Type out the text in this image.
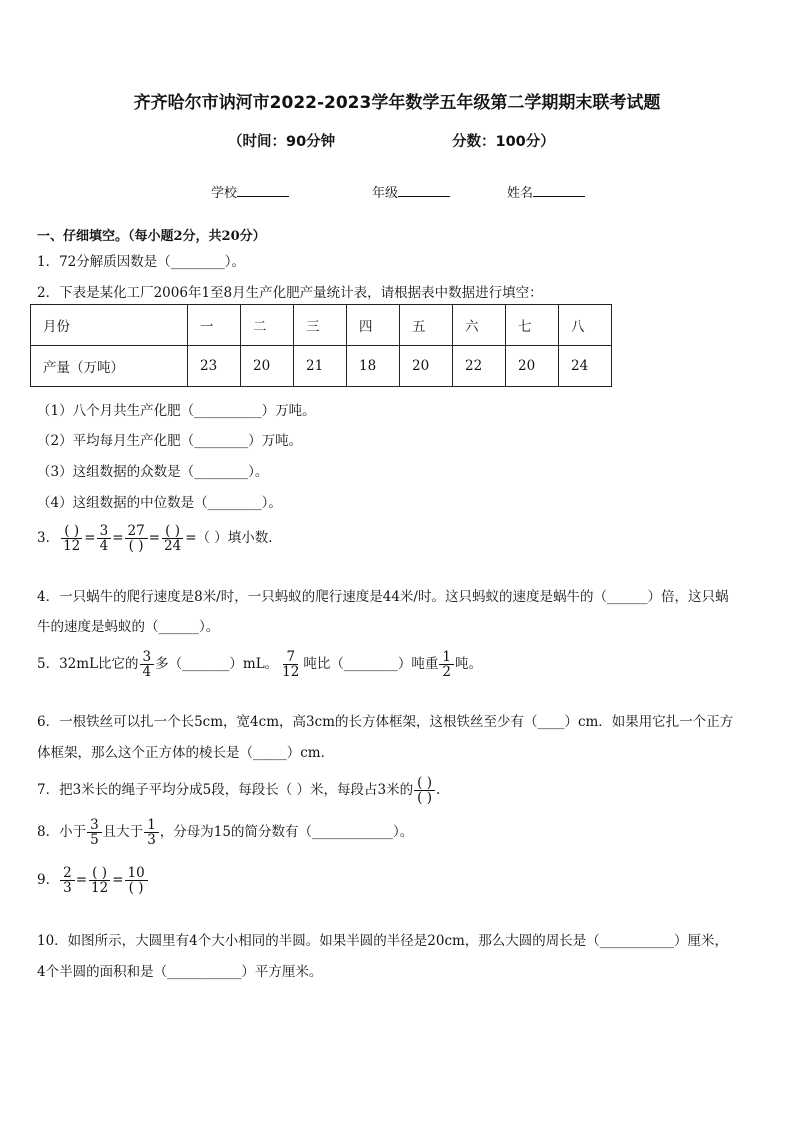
齐齐哈尔市讷河市2022-2023学年数学五年级第二学期期末联考试题
（时间：90分钟	分数：100分）
学校	年级	姓名
一、仔细填空。（每小题2分，共20分）
1．72分解质因数是（________）。
2．下表是某化工厂2006年1至8月生产化肥产量统计表，请根据表中数据进行填空：
月份	一	二	三	四	五	六	七	八
产量（万吨）	23	20	21	18	20	22	20	24
（1）八个月共生产化肥（__________）万吨。
（2）平均每月生产化肥（________）万吨。
（3）这组数据的众数是（________）。
（4）这组数据的中位数是（________）。
3． $\frac{( )}{12} = \frac{3}{4} = \frac{27}{( )} = \frac{( )}{24}$ =（ ）填小数．
4．一只蜗牛的爬行速度是8米/时，一只蚂蚁的爬行速度是44米/时。这只蚂蚁的速度是蜗牛的（______）倍，这只蜗
牛的速度是蚂蚁的（______）。
5．32mL比它的 $\frac{3}{4}$ 多（_______）mL。 $\frac{7}{12}$ 吨比（________）吨重 $\frac{1}{2}$ 吨。
6．一根铁丝可以扎一个长5cm，宽4cm，高3cm的长方体框架，这根铁丝至少有（____）cm．如果用它扎一个正方
体框架，那么这个正方体的棱长是（_____）cm．
7．把3米长的绳子平均分成5段，每段长（ ）米，每段占3米的 $\frac{( )}{( )}$ .
8．小于 $\frac{3}{5}$ 且大于 $\frac{1}{3}$ ，分母为15的简分数有（____________）。
9． $\frac{2}{3} = \frac{( )}{12} = \frac{10}{( )}$
10．如图所示，大圆里有4个大小相同的半圆。如果半圆的半径是20cm，那么大圆的周长是（___________）厘米，
4个半圆的面积和是（___________）平方厘米。
